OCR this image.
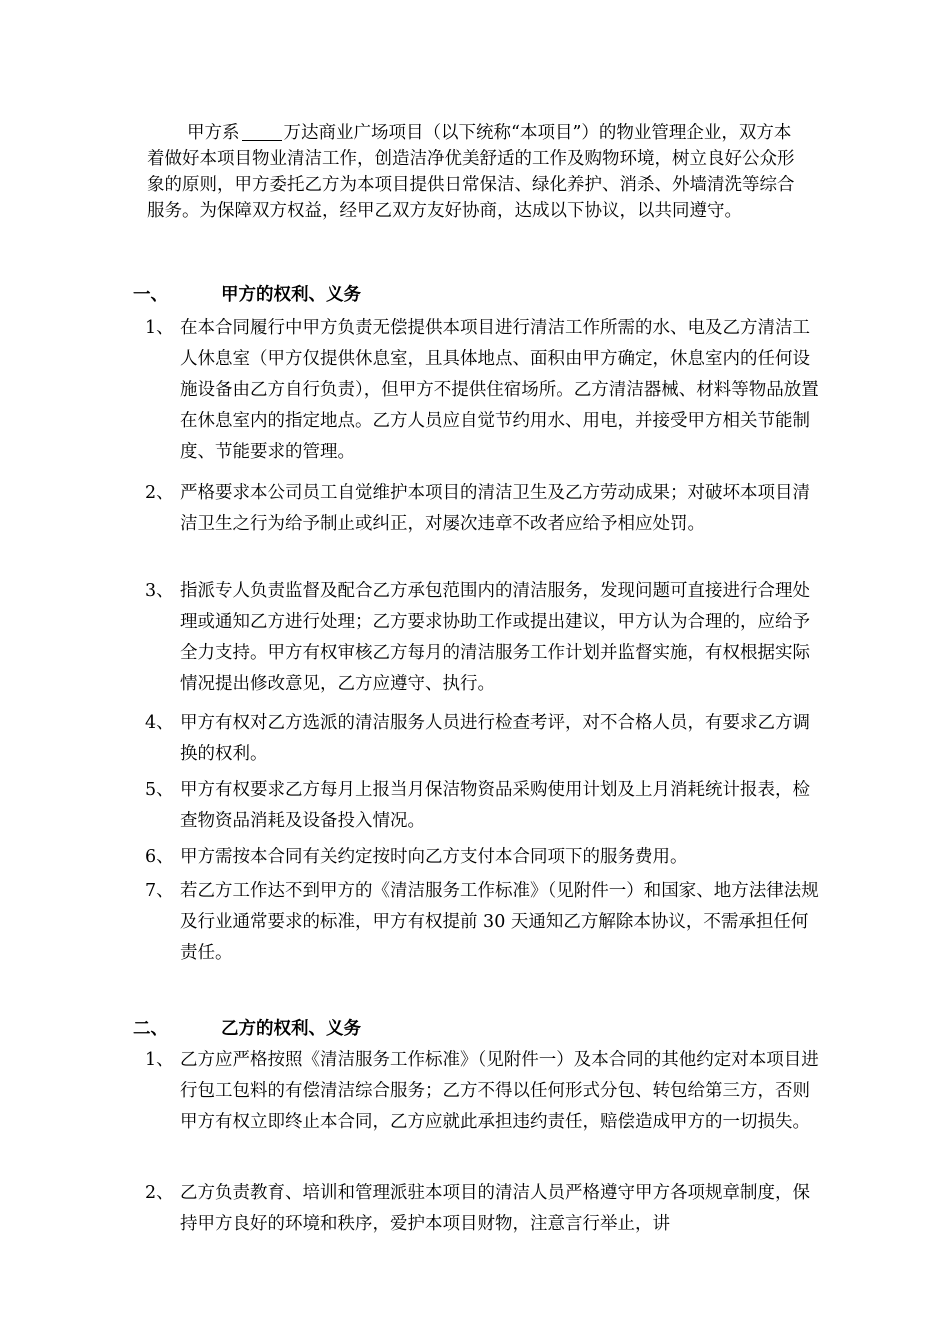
甲方系	万达商业广场项目（以下统称“本项目”）的物业管理企业，双方本着做好本项目物业清洁工作，创造洁净优美舒适的工作及购物环境，树立良好公众形象的原则，甲方委托乙方为本项目提供日常保洁、绿化养护、消杀、外墙清洗等综合服务。为保障双方权益，经甲乙双方友好协商，达成以下协议，以共同遵守。

一、	甲方的权利、义务

1、 在本合同履行中甲方负责无偿提供本项目进行清洁工作所需的水、电及乙方清洁工人休息室（甲方仅提供休息室，且具体地点、面积由甲方确定，休息室内的任何设施设备由乙方自行负责），但甲方不提供住宿场所。乙方清洁器械、材料等物品放置在休息室内的指定地点。乙方人员应自觉节约用水、用电，并接受甲方相关节能制度、节能要求的管理。
2、 严格要求本公司员工自觉维护本项目的清洁卫生及乙方劳动成果；对破坏本项目清洁卫生之行为给予制止或纠正，对屡次违章不改者应给予相应处罚。
3、 指派专人负责监督及配合乙方承包范围内的清洁服务，发现问题可直接进行合理处理或通知乙方进行处理；乙方要求协助工作或提出建议，甲方认为合理的，应给予全力支持。甲方有权审核乙方每月的清洁服务工作计划并监督实施，有权根据实际情况提出修改意见，乙方应遵守、执行。
4、 甲方有权对乙方选派的清洁服务人员进行检查考评，对不合格人员，有要求乙方调换的权利。
5、 甲方有权要求乙方每月上报当月保洁物资品采购使用计划及上月消耗统计报表，检查物资品消耗及设备投入情况。
6、 甲方需按本合同有关约定按时向乙方支付本合同项下的服务费用。
7、 若乙方工作达不到甲方的《清洁服务工作标准》（见附件一）和国家、地方法律法规及行业通常要求的标准，甲方有权提前 30 天通知乙方解除本协议，不需承担任何责任。

二、	乙方的权利、义务

1、 乙方应严格按照《清洁服务工作标准》（见附件一）及本合同的其他约定对本项目进行包工包料的有偿清洁综合服务；乙方不得以任何形式分包、转包给第三方，否则甲方有权立即终止本合同，乙方应就此承担违约责任，赔偿造成甲方的一切损失。
2、 乙方负责教育、培训和管理派驻本项目的清洁人员严格遵守甲方各项规章制度，保持甲方良好的环境和秩序，爱护本项目财物，注意言行举止，讲
